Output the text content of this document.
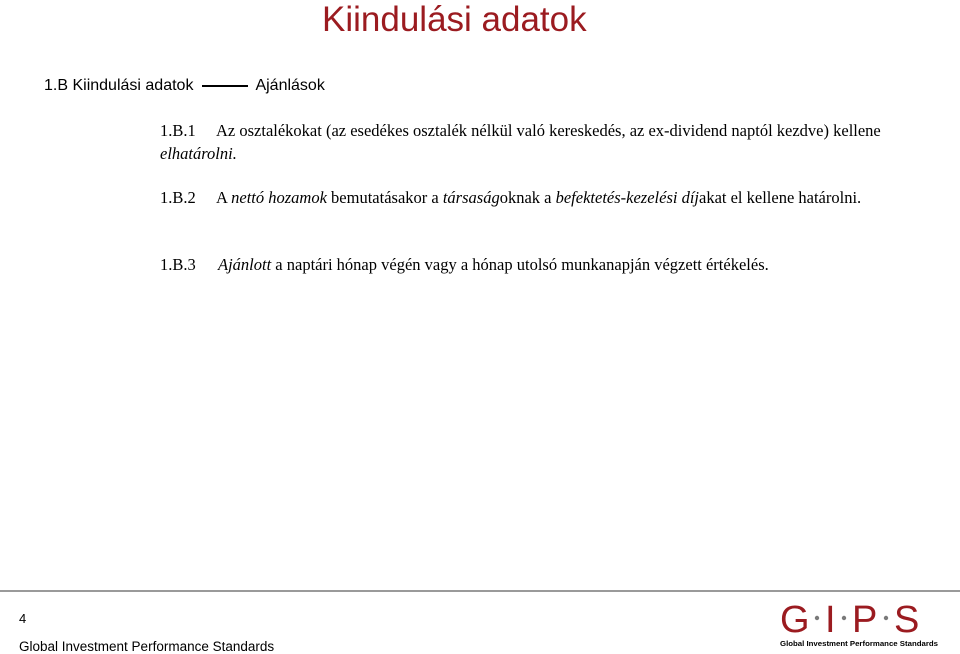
Kiindulási adatok
1.B Kiindulási adatok	Ajánlások
1.B.1 Az osztalékokat (az esedékes osztalék nélkül való kereskedés, az ex-dividend naptól kezdve) kellene elhatárolni.
1.B.2 A nettó hozamok bemutatásakor a társaságoknak a befektetés-kezelési díjakat el kellene határolni.
1.B.3 Ajánlott a naptári hónap végén vagy a hónap utolsó munkanapján végzett értékelés.
4
Global Investment Performance Standards
G I P S
Global Investment Performance Standards
